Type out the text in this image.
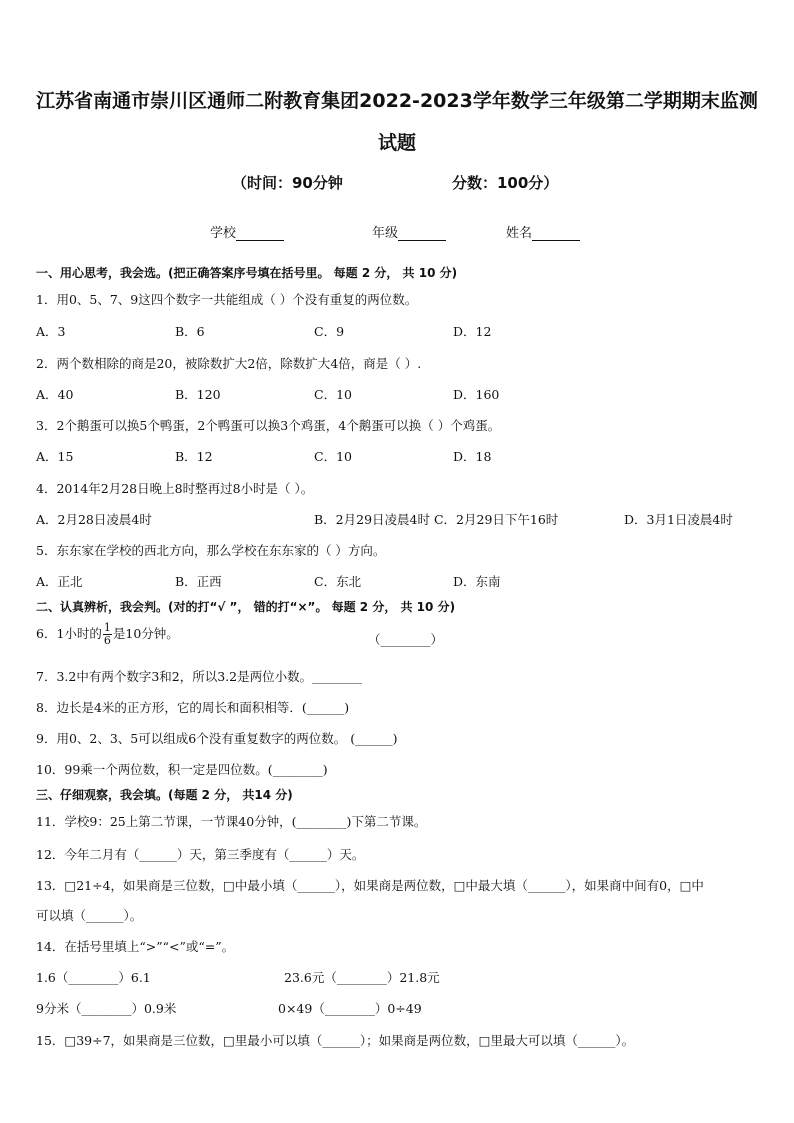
江苏省南通市崇川区通师二附教育集团2022-2023学年数学三年级第二学期期末监测
试题
（时间：90分钟	分数：100分）
学校	年级	姓名
一、用心思考，我会选。(把正确答案序号填在括号里。 每题 2 分， 共 10 分)
1．用0、5、7、9这四个数字一共能组成（ ）个没有重复的两位数。
A．3	B．6	C．9	D．12
2．两个数相除的商是20，被除数扩大2倍，除数扩大4倍，商是（ ）.
A．40	B．120	C．10	D．160
3．2个鹅蛋可以换5个鸭蛋，2个鸭蛋可以换3个鸡蛋，4个鹅蛋可以换（ ）个鸡蛋。
A．15	B．12	C．10	D．18
4．2014年2月28日晚上8时整再过8小时是（ ）。
A．2月28日凌晨4时	B．2月29日凌晨4时 C．2月29日下午16时	D．3月1日凌晨4时
5．东东家在学校的西北方向，那么学校在东东家的（ ）方向。
A．正北	B．正西	C．东北	D．东南
二、认真辨析，我会判。(对的打“√ ”， 错的打“×”。 每题 2 分， 共 10 分)
6．1小时的 $\frac{1}{6}$ 是10分钟。	（________）
7．3.2中有两个数字3和2，所以3.2是两位小数。________
8．边长是4米的正方形，它的周长和面积相等．(______)
9．用0、2、3、5可以组成6个没有重复数字的两位数。 (______)
10．99乘一个两位数，积一定是四位数。(________)
三、仔细观察，我会填。(每题 2 分， 共14 分)
11．学校9：25上第二节课，一节课40分钟，(________)下第二节课。
12．今年二月有（______）天，第三季度有（______）天。
13．□21÷4，如果商是三位数，□中最小填（______），如果商是两位数，□中最大填（______），如果商中间有0，□中
可以填（______）。
14．在括号里填上“>”“<”或“=”。
1.6（________）6.1	23.6元（________）21.8元
9分米（________）0.9米	0×49（________）0÷49
15．□39÷7，如果商是三位数，□里最小可以填（______）；如果商是两位数，□里最大可以填（______）。
